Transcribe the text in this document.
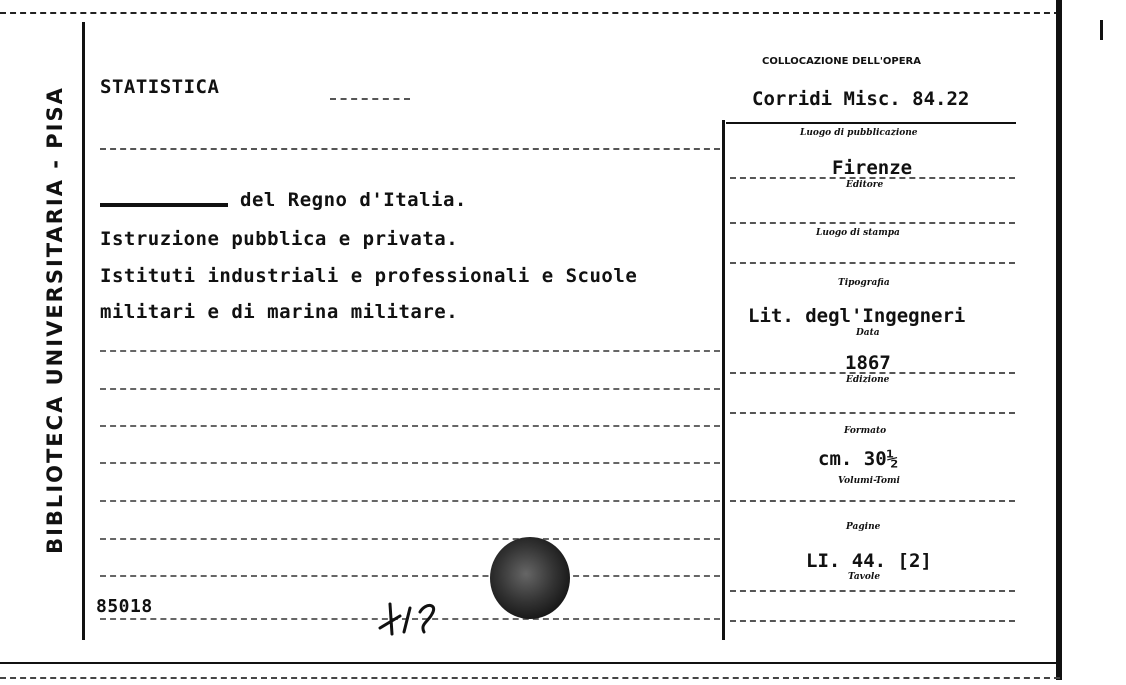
BIBLIOTECA UNIVERSITARIA - PISA STATISTICA
del Regno d'Italia.
Istruzione pubblica e privata.
Istituti industriali e professionali e Scuole
militari e di marina militare.
85018
COLLOCAZIONE DELL'OPERA
Corridi Misc. 84.22
Luogo di pubblicazione
Firenze
Editore
Luogo di stampa
Tipografia
Lit. degl'Ingegneri
Data
1867
Edizione
Formato
cm. 30½
Volumi-Tomi
Pagine
LI. 44. [2]
Tavole
